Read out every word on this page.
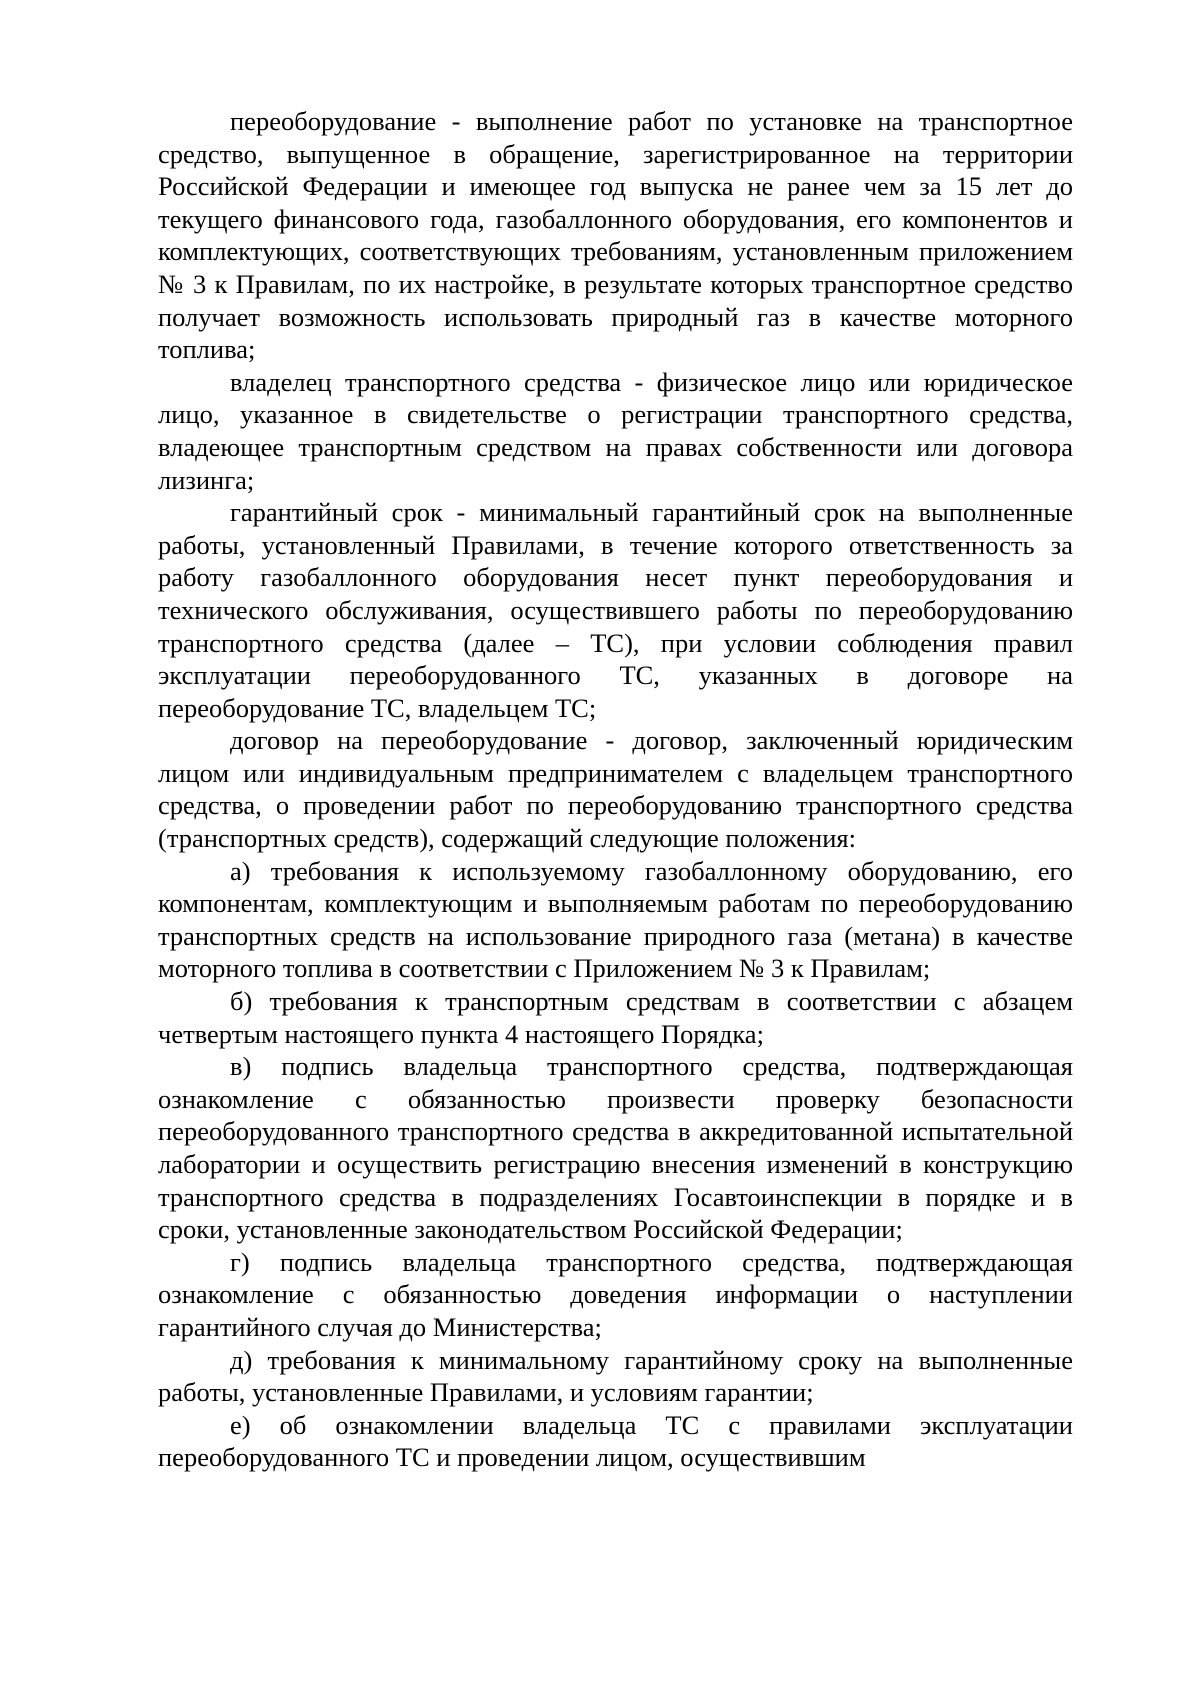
переоборудование - выполнение работ по установке на транспортное средство, выпущенное в обращение, зарегистрированное на территории Российской Федерации и имеющее год выпуска не ранее чем за 15 лет до текущего финансового года, газобаллонного оборудования, его компонентов и комплектующих, соответствующих требованиям, установленным приложением № 3 к Правилам, по их настройке, в результате которых транспортное средство получает возможность использовать природный газ в качестве моторного топлива;

владелец транспортного средства - физическое лицо или юридическое лицо, указанное в свидетельстве о регистрации транспортного средства, владеющее транспортным средством на правах собственности или договора лизинга;

гарантийный срок - минимальный гарантийный срок на выполненные работы, установленный Правилами, в течение которого ответственность за работу газобаллонного оборудования несет пункт переоборудования и технического обслуживания, осуществившего работы по переоборудованию транспортного средства (далее – ТС), при условии соблюдения правил эксплуатации переоборудованного ТС, указанных в договоре на переоборудование ТС, владельцем ТС;

договор на переоборудование - договор, заключенный юридическим лицом или индивидуальным предпринимателем с владельцем транспортного средства, о проведении работ по переоборудованию транспортного средства (транспортных средств), содержащий следующие положения:

а) требования к используемому газобаллонному оборудованию, его компонентам, комплектующим и выполняемым работам по переоборудованию транспортных средств на использование природного газа (метана) в качестве моторного топлива в соответствии с Приложением № 3 к Правилам;

б) требования к транспортным средствам в соответствии с абзацем четвертым настоящего пункта 4 настоящего Порядка;

в) подпись владельца транспортного средства, подтверждающая ознакомление с обязанностью произвести проверку безопасности переоборудованного транспортного средства в аккредитованной испытательной лаборатории и осуществить регистрацию внесения изменений в конструкцию транспортного средства в подразделениях Госавтоинспекции в порядке и в сроки, установленные законодательством Российской Федерации;

г) подпись владельца транспортного средства, подтверждающая ознакомление с обязанностью доведения информации о наступлении гарантийного случая до Министерства;

д) требования к минимальному гарантийному сроку на выполненные работы, установленные Правилами, и условиям гарантии;

е) об ознакомлении владельца ТС с правилами эксплуатации переоборудованного ТС и проведении лицом, осуществившим
